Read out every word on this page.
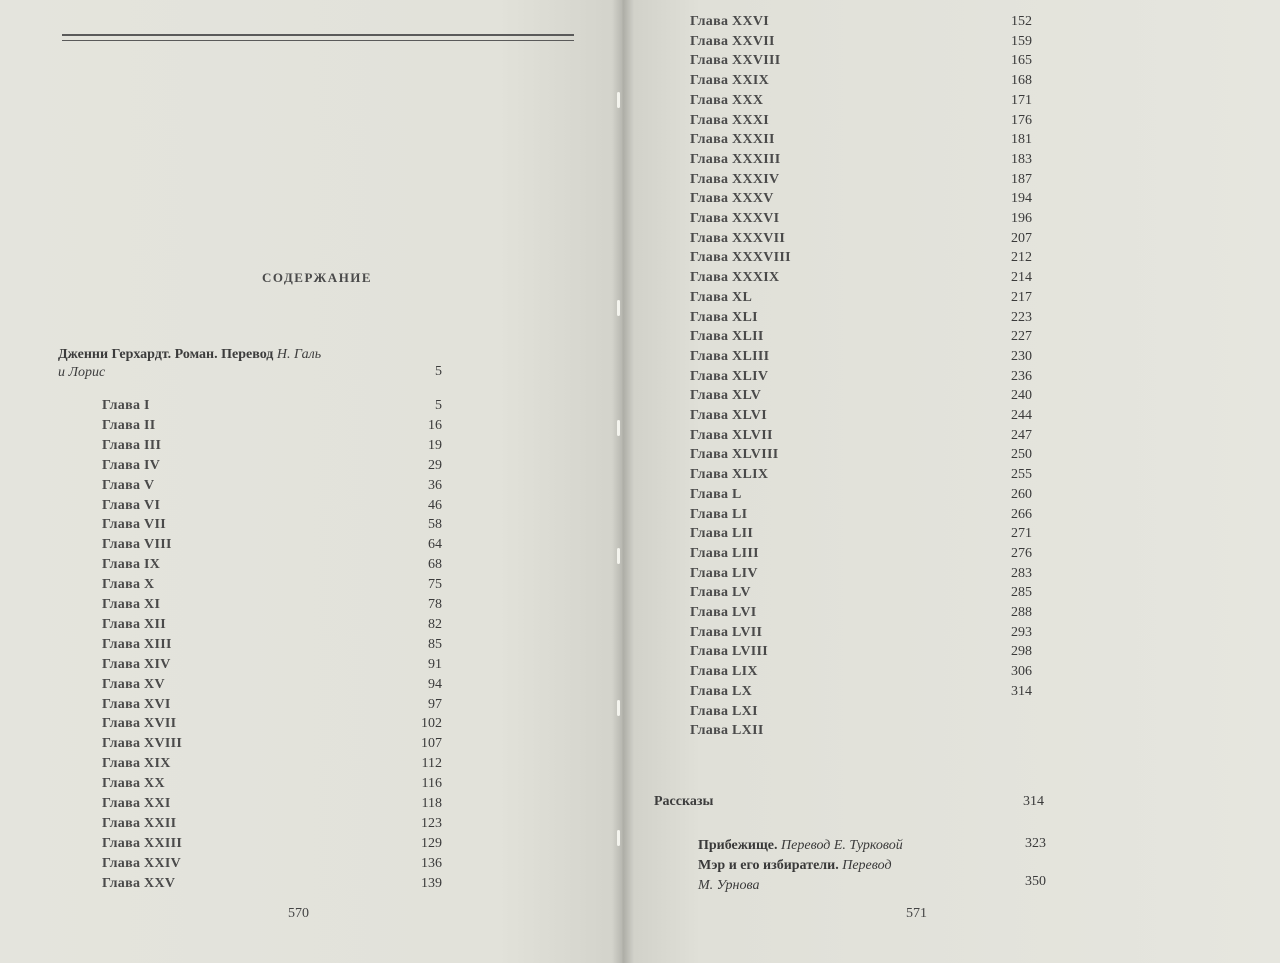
СОДЕРЖАНИЕ
Дженни Герхардт. Роман. Перевод Н. Галь
и Лорис	5
Глава I	5
Глава II	16
Глава III	19
Глава IV	29
Глава V	36
Глава VI	46
Глава VII	58
Глава VIII	64
Глава IX	68
Глава X	75
Глава XI	78
Глава XII	82
Глава XIII	85
Глава XIV	91
Глава XV	94
Глава XVI	97
Глава XVII	102
Глава XVIII	107
Глава XIX	112
Глава XX	116
Глава XXI	118
Глава XXII	123
Глава XXIII	129
Глава XXIV	136
Глава XXV	139
Глава XXVI	152
Глава XXVII	159
Глава XXVIII	165
Глава XXIX	168
Глава XXX	171
Глава XXXI	176
Глава XXXII	181
Глава XXXIII	183
Глава XXXIV	187
Глава XXXV	194
Глава XXXVI	196
Глава XXXVII	207
Глава XXXVIII	212
Глава XXXIX	214
Глава XL	217
Глава XLI	223
Глава XLII	227
Глава XLIII	230
Глава XLIV	236
Глава XLV	240
Глава XLVI	244
Глава XLVII	247
Глава XLVIII	250
Глава XLIX	255
Глава L	260
Глава LI	266
Глава LII	271
Глава LIII	276
Глава LIV	283
Глава LV	285
Глава LVI	288
Глава LVII	293
Глава LVIII	298
Глава LIX	306
Глава LX	314
Глава LXI
Глава LXII
Рассказы	314
Прибежище. Перевод Е. Турковой	323
Мэр и его избиратели. Перевод
М. Урнова	350
570	571
